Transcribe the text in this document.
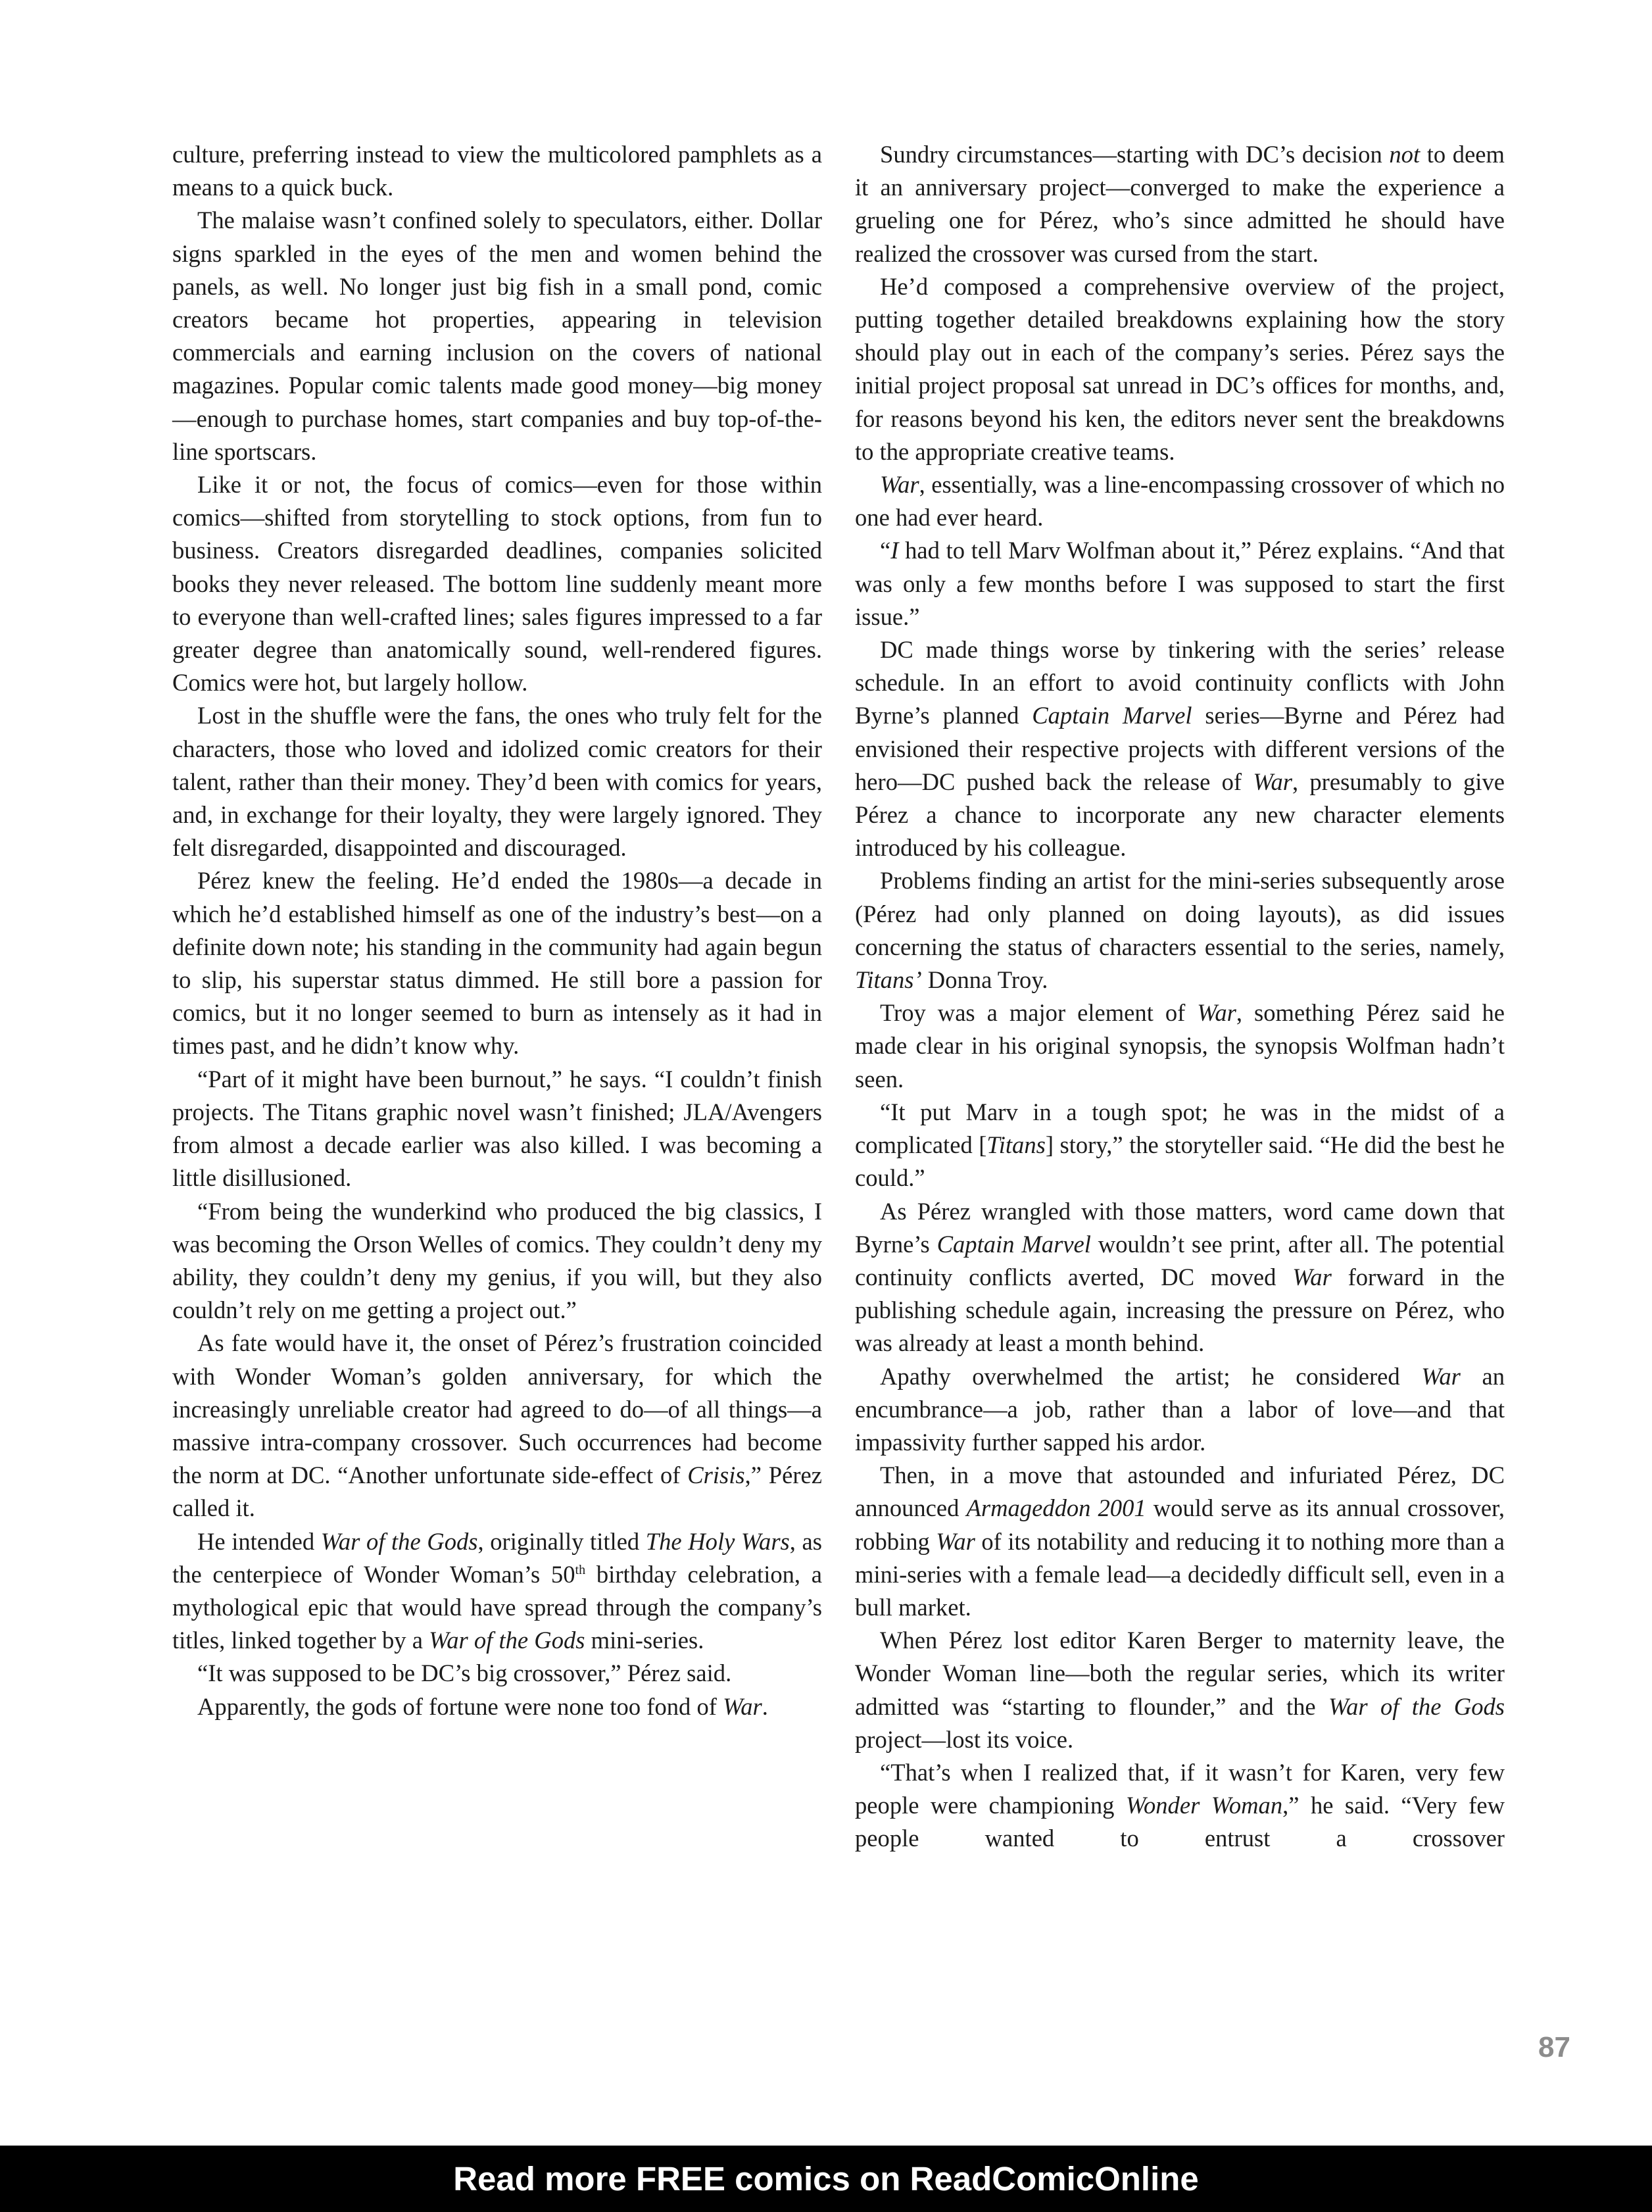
culture, preferring instead to view the multicolored pamphlets as a means to a quick buck.

The malaise wasn’t confined solely to speculators, either. Dollar signs sparkled in the eyes of the men and women behind the panels, as well. No longer just big fish in a small pond, comic creators became hot properties, appearing in television commercials and earning inclusion on the covers of national magazines. Popular comic talents made good money—big money—enough to purchase homes, start companies and buy top-of-the-line sportscars.

Like it or not, the focus of comics—even for those within comics—shifted from storytelling to stock options, from fun to business. Creators disregarded deadlines, companies solicited books they never released. The bottom line suddenly meant more to everyone than well-crafted lines; sales figures impressed to a far greater degree than anatomically sound, well-rendered figures. Comics were hot, but largely hollow.

Lost in the shuffle were the fans, the ones who truly felt for the characters, those who loved and idolized comic creators for their talent, rather than their money. They’d been with comics for years, and, in exchange for their loyalty, they were largely ignored. They felt disregarded, disappointed and discouraged.

Pérez knew the feeling. He’d ended the 1980s—a decade in which he’d established himself as one of the industry’s best—on a definite down note; his standing in the community had again begun to slip, his superstar status dimmed. He still bore a passion for comics, but it no longer seemed to burn as intensely as it had in times past, and he didn’t know why.

“Part of it might have been burnout,” he says. “I couldn’t finish projects. The Titans graphic novel wasn’t finished; JLA/Avengers from almost a decade earlier was also killed. I was becoming a little disillusioned.

“From being the wunderkind who produced the big classics, I was becoming the Orson Welles of comics. They couldn’t deny my ability, they couldn’t deny my genius, if you will, but they also couldn’t rely on me getting a project out.”

As fate would have it, the onset of Pérez’s frustration coincided with Wonder Woman’s golden anniversary, for which the increasingly unreliable creator had agreed to do—of all things—a massive intra-company crossover. Such occurrences had become the norm at DC. “Another unfortunate side-effect of Crisis,” Pérez called it.

He intended War of the Gods, originally titled The Holy Wars, as the centerpiece of Wonder Woman’s 50th birthday celebration, a mythological epic that would have spread through the company’s titles, linked together by a War of the Gods mini-series.

“It was supposed to be DC’s big crossover,” Pérez said.

Apparently, the gods of fortune were none too fond of War.

Sundry circumstances—starting with DC’s decision not to deem it an anniversary project—converged to make the experience a grueling one for Pérez, who’s since admitted he should have realized the crossover was cursed from the start.

He’d composed a comprehensive overview of the project, putting together detailed breakdowns explaining how the story should play out in each of the company’s series. Pérez says the initial project proposal sat unread in DC’s offices for months, and, for reasons beyond his ken, the editors never sent the breakdowns to the appropriate creative teams.

War, essentially, was a line-encompassing crossover of which no one had ever heard.

“I had to tell Marv Wolfman about it,” Pérez explains. “And that was only a few months before I was supposed to start the first issue.”

DC made things worse by tinkering with the series’ release schedule. In an effort to avoid continuity conflicts with John Byrne’s planned Captain Marvel series—Byrne and Pérez had envisioned their respective projects with different versions of the hero—DC pushed back the release of War, presumably to give Pérez a chance to incorporate any new character elements introduced by his colleague.

Problems finding an artist for the mini-series subsequently arose (Pérez had only planned on doing layouts), as did issues concerning the status of characters essential to the series, namely, Titans’ Donna Troy.

Troy was a major element of War, something Pérez said he made clear in his original synopsis, the synopsis Wolfman hadn’t seen.

“It put Marv in a tough spot; he was in the midst of a complicated [Titans] story,” the storyteller said. “He did the best he could.”

As Pérez wrangled with those matters, word came down that Byrne’s Captain Marvel wouldn’t see print, after all. The potential continuity conflicts averted, DC moved War forward in the publishing schedule again, increasing the pressure on Pérez, who was already at least a month behind.

Apathy overwhelmed the artist; he considered War an encumbrance—a job, rather than a labor of love—and that impassivity further sapped his ardor.

Then, in a move that astounded and infuriated Pérez, DC announced Armageddon 2001 would serve as its annual crossover, robbing War of its notability and reducing it to nothing more than a mini-series with a female lead—a decidedly difficult sell, even in a bull market.

When Pérez lost editor Karen Berger to maternity leave, the Wonder Woman line—both the regular series, which its writer admitted was “starting to flounder,” and the War of the Gods project—lost its voice.

“That’s when I realized that, if it wasn’t for Karen, very few people were championing Wonder Woman,” he said. “Very few people wanted to entrust a crossover

87
Read more FREE comics on ReadComicOnline
